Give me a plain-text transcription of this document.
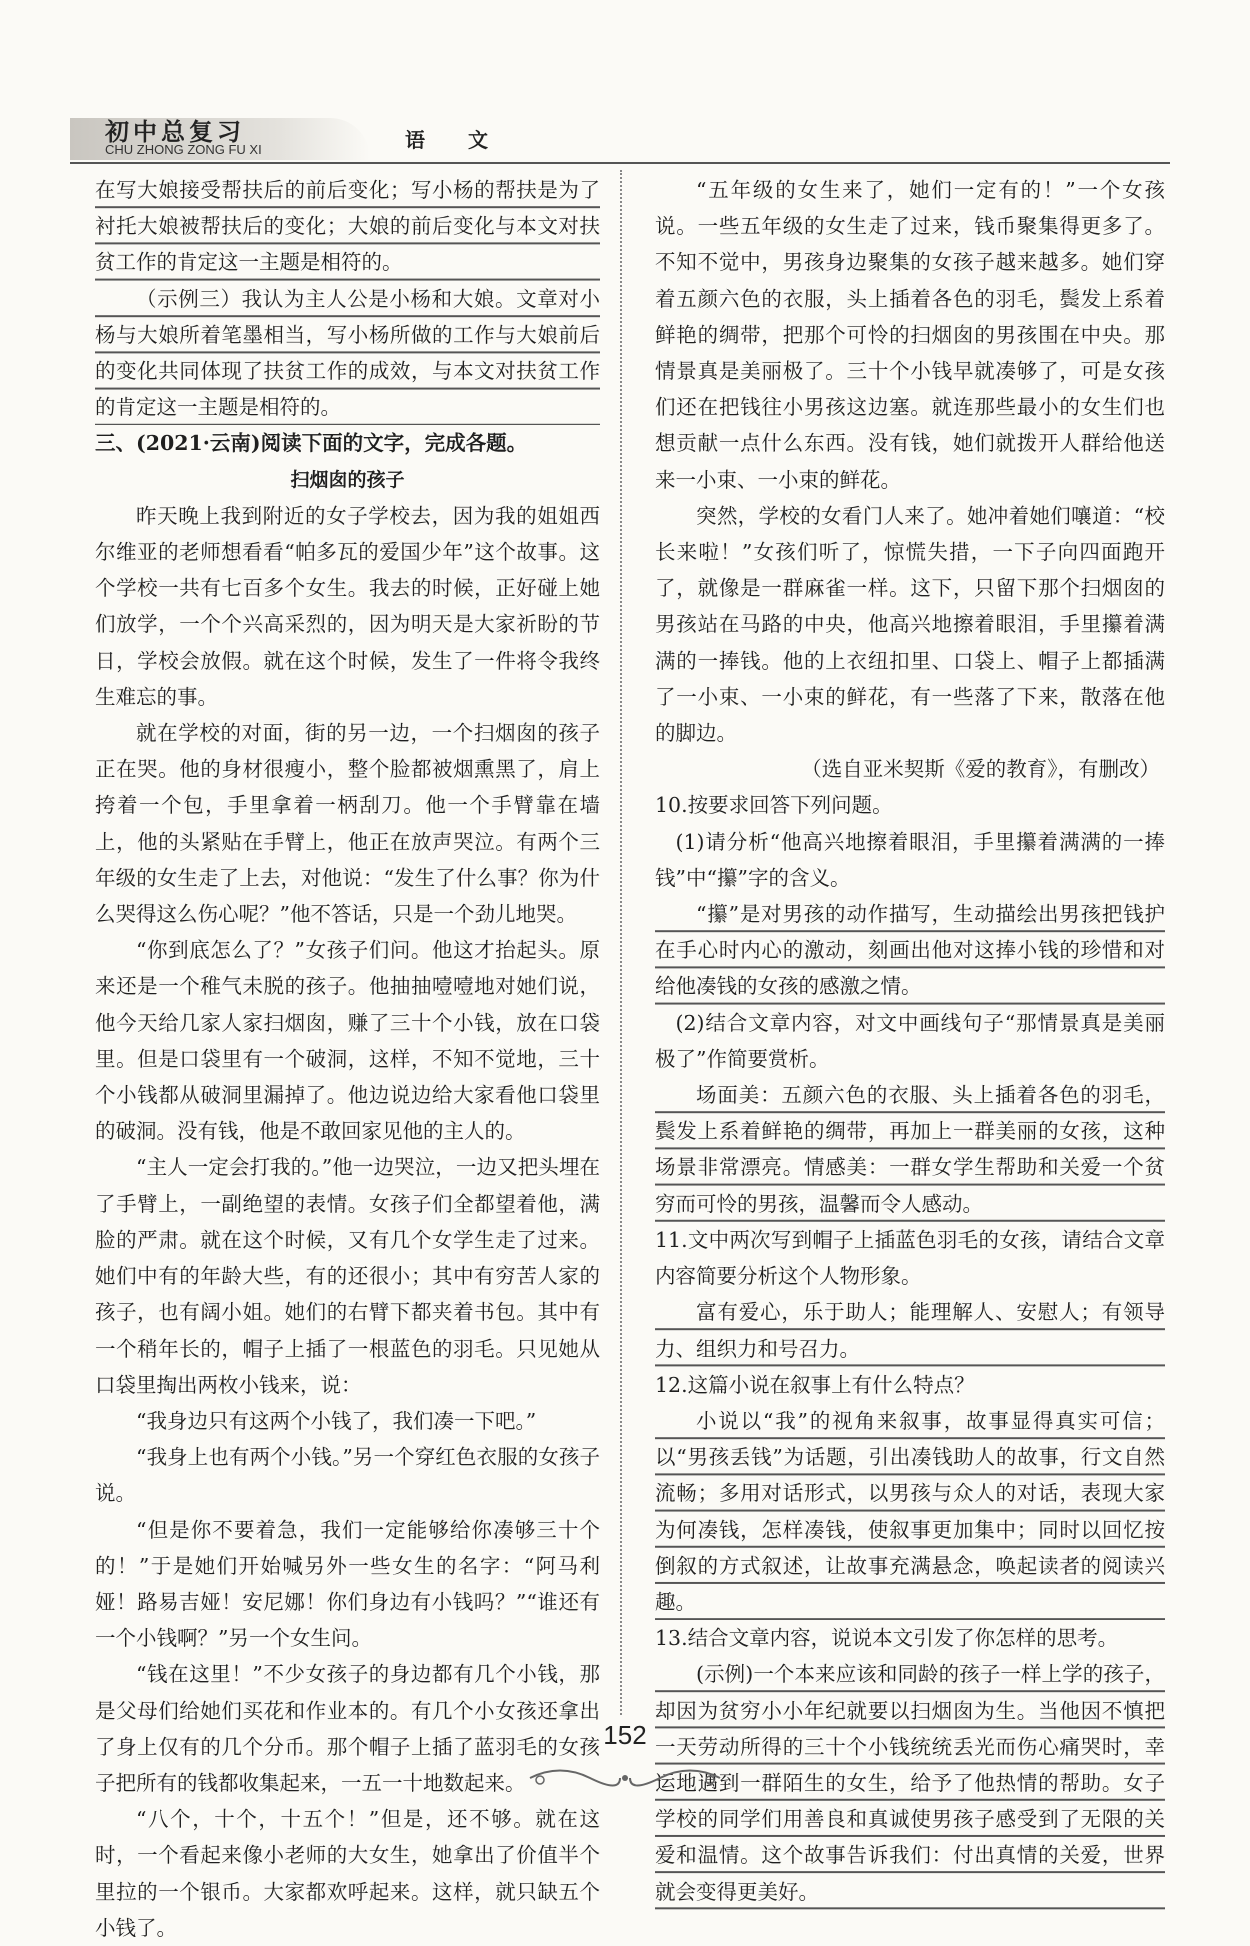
初中总复习
CHU ZHONG ZONG FU XI	语 文

在写大娘接受帮扶后的前后变化；写小杨的帮扶是为了衬托大娘被帮扶后的变化；大娘的前后变化与本文对扶贫工作的肯定这一主题是相符的。

（示例三）我认为主人公是小杨和大娘。文章对小杨与大娘所着笔墨相当，写小杨所做的工作与大娘前后的变化共同体现了扶贫工作的成效，与本文对扶贫工作的肯定这一主题是相符的。

三、(2021·云南)阅读下面的文字，完成各题。

扫烟囱的孩子

昨天晚上我到附近的女子学校去，因为我的姐姐西尔维亚的老师想看看“帕多瓦的爱国少年”这个故事。这个学校一共有七百多个女生。我去的时候，正好碰上她们放学，一个个兴高采烈的，因为明天是大家祈盼的节日，学校会放假。就在这个时候，发生了一件将令我终生难忘的事。

就在学校的对面，街的另一边，一个扫烟囱的孩子正在哭。他的身材很瘦小，整个脸都被烟熏黑了，肩上挎着一个包，手里拿着一柄刮刀。他一个手臂靠在墙上，他的头紧贴在手臂上，他正在放声哭泣。有两个三年级的女生走了上去，对他说：“发生了什么事？你为什么哭得这么伤心呢？”他不答话，只是一个劲儿地哭。

“你到底怎么了？”女孩子们问。他这才抬起头。原来还是一个稚气未脱的孩子。他抽抽噎噎地对她们说，他今天给几家人家扫烟囱，赚了三十个小钱，放在口袋里。但是口袋里有一个破洞，这样，不知不觉地，三十个小钱都从破洞里漏掉了。他边说边给大家看他口袋里的破洞。没有钱，他是不敢回家见他的主人的。

“主人一定会打我的。”他一边哭泣，一边又把头埋在了手臂上，一副绝望的表情。女孩子们全都望着他，满脸的严肃。就在这个时候，又有几个女学生走了过来。她们中有的年龄大些，有的还很小；其中有穷苦人家的孩子，也有阔小姐。她们的右臂下都夹着书包。其中有一个稍年长的，帽子上插了一根蓝色的羽毛。只见她从口袋里掏出两枚小钱来，说：

“我身边只有这两个小钱了，我们凑一下吧。”

“我身上也有两个小钱。”另一个穿红色衣服的女孩子说。

“但是你不要着急，我们一定能够给你凑够三十个的！”于是她们开始喊另外一些女生的名字：“阿马利娅！路易吉娅！安尼娜！你们身边有小钱吗？”“谁还有一个小钱啊？”另一个女生问。

“钱在这里！”不少女孩子的身边都有几个小钱，那是父母们给她们买花和作业本的。有几个小女孩还拿出了身上仅有的几个分币。那个帽子上插了蓝羽毛的女孩子把所有的钱都收集起来，一五一十地数起来。

“八个，十个，十五个！”但是，还不够。就在这时，一个看起来像小老师的大女生，她拿出了价值半个里拉的一个银币。大家都欢呼起来。这样，就只缺五个小钱了。

“五年级的女生来了，她们一定有的！”一个女孩说。一些五年级的女生走了过来，钱币聚集得更多了。不知不觉中，男孩身边聚集的女孩子越来越多。她们穿着五颜六色的衣服，头上插着各色的羽毛，鬓发上系着鲜艳的绸带，把那个可怜的扫烟囱的男孩围在中央。那情景真是美丽极了。三十个小钱早就凑够了，可是女孩们还在把钱往小男孩这边塞。就连那些最小的女生们也想贡献一点什么东西。没有钱，她们就拨开人群给他送来一小束、一小束的鲜花。

突然，学校的女看门人来了。她冲着她们嚷道：“校长来啦！”女孩们听了，惊慌失措，一下子向四面跑开了，就像是一群麻雀一样。这下，只留下那个扫烟囱的男孩站在马路的中央，他高兴地擦着眼泪，手里攥着满满的一捧钱。他的上衣纽扣里、口袋上、帽子上都插满了一小束、一小束的鲜花，有一些落了下来，散落在他的脚边。

（选自亚米契斯《爱的教育》，有删改）

10.按要求回答下列问题。

(1)请分析“他高兴地擦着眼泪，手里攥着满满的一捧钱”中“攥”字的含义。

“攥”是对男孩的动作描写，生动描绘出男孩把钱护在手心时内心的激动，刻画出他对这捧小钱的珍惜和对给他凑钱的女孩的感激之情。

(2)结合文章内容，对文中画线句子“那情景真是美丽极了”作简要赏析。

场面美：五颜六色的衣服、头上插着各色的羽毛，鬓发上系着鲜艳的绸带，再加上一群美丽的女孩，这种场景非常漂亮。情感美：一群女学生帮助和关爱一个贫穷而可怜的男孩，温馨而令人感动。

11.文中两次写到帽子上插蓝色羽毛的女孩，请结合文章内容简要分析这个人物形象。

富有爱心，乐于助人；能理解人、安慰人；有领导力、组织力和号召力。

12.这篇小说在叙事上有什么特点？

小说以“我”的视角来叙事，故事显得真实可信；以“男孩丢钱”为话题，引出凑钱助人的故事，行文自然流畅；多用对话形式，以男孩与众人的对话，表现大家为何凑钱，怎样凑钱，使叙事更加集中；同时以回忆按倒叙的方式叙述，让故事充满悬念，唤起读者的阅读兴趣。

13.结合文章内容，说说本文引发了你怎样的思考。

(示例)一个本来应该和同龄的孩子一样上学的孩子，却因为贫穷小小年纪就要以扫烟囱为生。当他因不慎把一天劳动所得的三十个小钱统统丢光而伤心痛哭时，幸运地遇到一群陌生的女生，给予了他热情的帮助。女子学校的同学们用善良和真诚使男孩子感受到了无限的关爱和温情。这个故事告诉我们：付出真情的关爱，世界就会变得更美好。

152
